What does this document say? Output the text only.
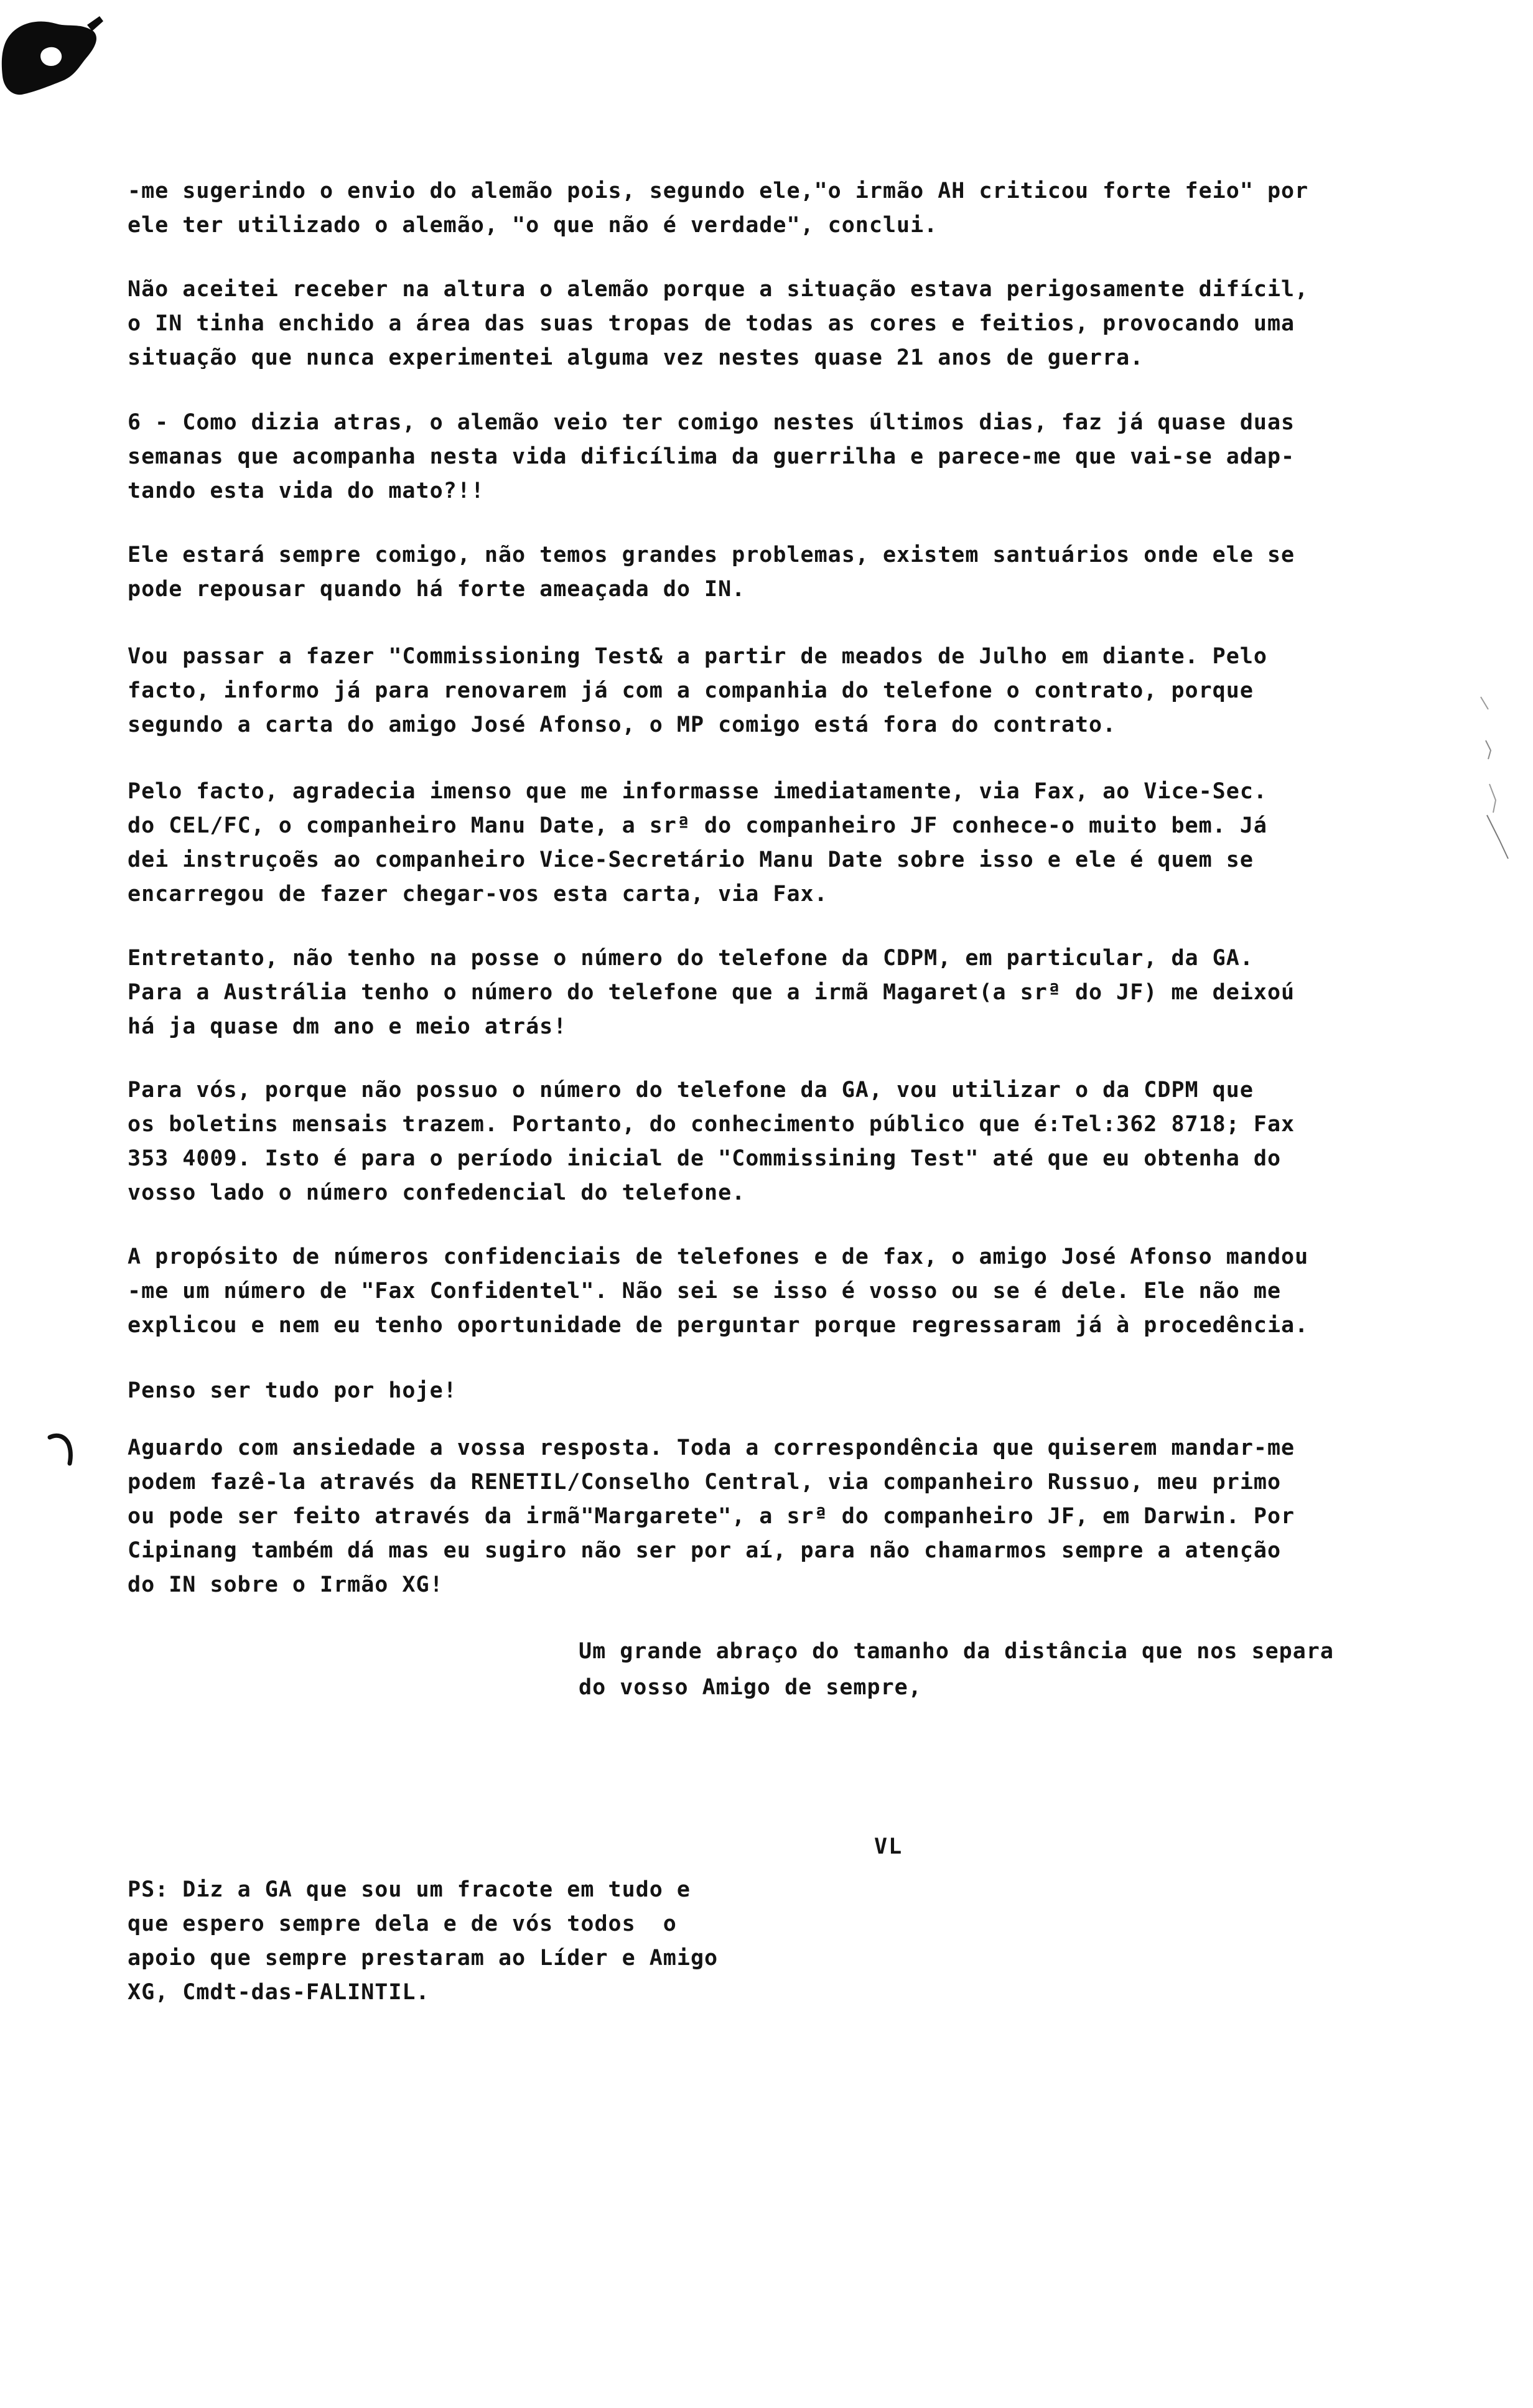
-me sugerindo o envio do alemão pois, segundo ele,"o irmão AH criticou forte feio" por
ele ter utilizado o alemão, "o que não é verdade", conclui.
Não aceitei receber na altura o alemão porque a situação estava perigosamente difícil,
o IN tinha enchido a área das suas tropas de todas as cores e feitios, provocando uma
situação que nunca experimentei alguma vez nestes quase 21 anos de guerra.
6 - Como dizia atras, o alemão veio ter comigo nestes últimos dias, faz já quase duas
semanas que acompanha nesta vida dificílima da guerrilha e parece-me que vai-se adap-
tando esta vida do mato?!!
Ele estará sempre comigo, não temos grandes problemas, existem santuários onde ele se
pode repousar quando há forte ameaçada do IN.
Vou passar a fazer "Commissioning Test& a partir de meados de Julho em diante. Pelo
facto, informo já para renovarem já com a companhia do telefone o contrato, porque
segundo a carta do amigo José Afonso, o MP comigo está fora do contrato.
Pelo facto, agradecia imenso que me informasse imediatamente, via Fax, ao Vice-Sec.
do CEL/FC, o companheiro Manu Date, a srª do companheiro JF conhece-o muito bem. Já
dei instruçoẽs ao companheiro Vice-Secretário Manu Date sobre isso e ele é quem se
encarregou de fazer chegar-vos esta carta, via Fax.
Entretanto, não tenho na posse o número do telefone da CDPM, em particular, da GA.
Para a Austrália tenho o número do telefone que a irmã Magaret(a srª do JF) me deixoú
há ja quase dm ano e meio atrás!
Para vós, porque não possuo o número do telefone da GA, vou utilizar o da CDPM que
os boletins mensais trazem. Portanto, do conhecimento público que é:Tel:362 8718; Fax
353 4009. Isto é para o período inicial de "Commissining Test" até que eu obtenha do
vosso lado o número confedencial do telefone.
A propósito de números confidenciais de telefones e de fax, o amigo José Afonso mandou
-me um número de "Fax Confidentel". Não sei se isso é vosso ou se é dele. Ele não me
explicou e nem eu tenho oportunidade de perguntar porque regressaram já à procedência.
Penso ser tudo por hoje!
Aguardo com ansiedade a vossa resposta. Toda a correspondência que quiserem mandar-me
podem fazê-la através da RENETIL/Conselho Central, via companheiro Russuo, meu primo
ou pode ser feito através da irmã"Margarete", a srª do companheiro JF, em Darwin. Por
Cipinang também dá mas eu sugiro não ser por aí, para não chamarmos sempre a atenção
do IN sobre o Irmão XG!
Um grande abraço do tamanho da distância que nos separa
do vosso Amigo de sempre,
VL
PS: Diz a GA que sou um fracote em tudo e
que espero sempre dela e de vós todos  o
apoio que sempre prestaram ao Líder e Amigo
XG, Cmdt-das-FALINTIL.
